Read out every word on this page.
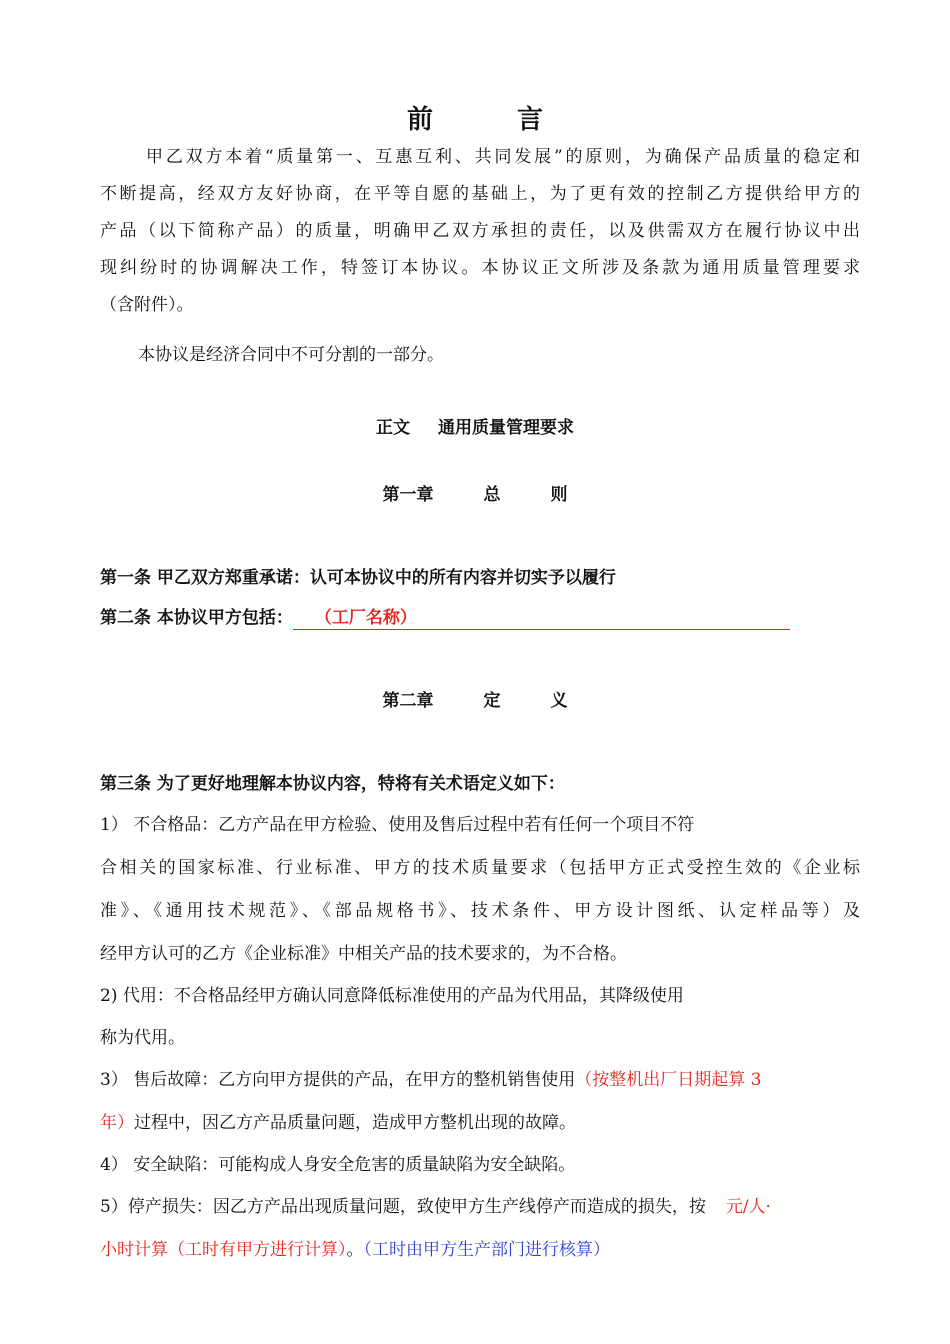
前	言
甲乙双方本着“质量第一、互惠互利、共同发展”的原则，为确保产品质量的稳定和
不断提高，经双方友好协商，在平等自愿的基础上，为了更有效的控制乙方提供给甲方的
产品（以下简称产品）的质量，明确甲乙双方承担的责任，以及供需双方在履行协议中出
现纠纷时的协调解决工作，特签订本协议。本协议正文所涉及条款为通用质量管理要求
（含附件）。
本协议是经济合同中不可分割的一部分。
正文 通用质量管理要求
第一章	总	则
第一条 甲乙双方郑重承诺：认可本协议中的所有内容并切实予以履行
第二条 本协议甲方包括： （工厂名称）
第二章	定	义
第三条 为了更好地理解本协议内容，特将有关术语定义如下：
1） 不合格品：乙方产品在甲方检验、使用及售后过程中若有任何一个项目不符
合相关的国家标准、行业标准、甲方的技术质量要求（包括甲方正式受控生效的《企业标
准》、《通用技术规范》、《部品规格书》、技术条件、甲方设计图纸、认定样品等）及
经甲方认可的乙方《企业标准》中相关产品的技术要求的，为不合格。
2) 代用：不合格品经甲方确认同意降低标准使用的产品为代用品，其降级使用
称为代用。
3） 售后故障：乙方向甲方提供的产品，在甲方的整机销售使用（按整机出厂日期起算 3
年）过程中，因乙方产品质量问题，造成甲方整机出现的故障。
4） 安全缺陷：可能构成人身安全危害的质量缺陷为安全缺陷。
5）停产损失：因乙方产品出现质量问题，致使甲方生产线停产而造成的损失，按 元/人·
小时计算（工时有甲方进行计算）。（工时由甲方生产部门进行核算）
